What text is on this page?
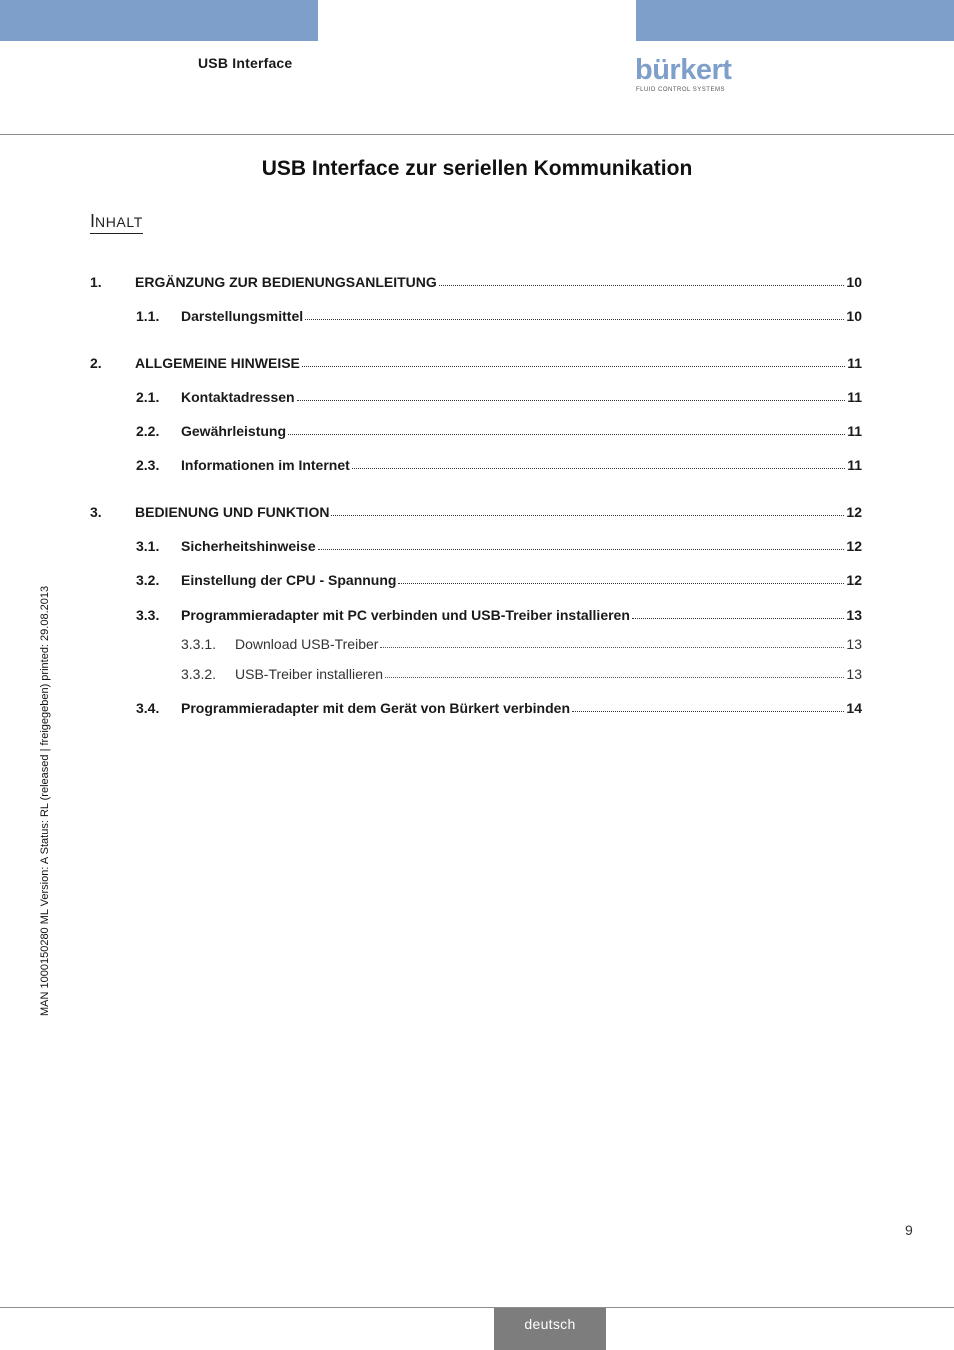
USB Interface	bürkert
FLUID CONTROL SYSTEMS
USB Interface zur seriellen Kommunikation
INHALT
1.	ERGÄNZUNG ZUR BEDIENUNGSANLEITUNG	10
1.1.	Darstellungsmittel	10
2.	ALLGEMEINE HINWEISE	11
2.1.	Kontaktadressen	11
2.2.	Gewährleistung	11
2.3.	Informationen im Internet	11
3.	BEDIENUNG UND FUNKTION	12
3.1.	Sicherheitshinweise	12
3.2.	Einstellung der CPU - Spannung	12
3.3.	Programmieradapter mit PC verbinden und USB-Treiber installieren	13
3.3.1.	Download USB-Treiber	13
3.3.2.	USB-Treiber installieren	13
3.4.	Programmieradapter mit dem Gerät von Bürkert verbinden	14
MAN 1000150280 ML Version: A Status: RL (released | freigegeben) printed: 29.08.2013
9
deutsch
